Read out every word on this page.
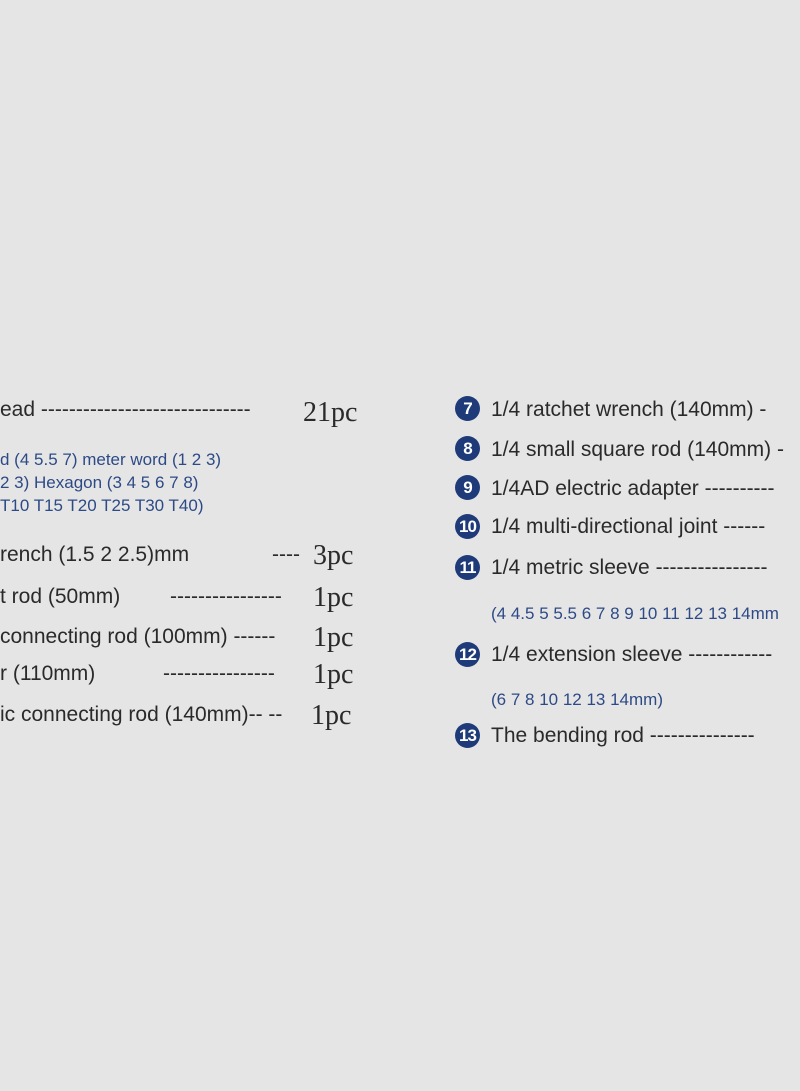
ead ------------------------------ 21pc
d (4 5.5 7) meter word (1 2 3)
2 3) Hexagon (3 4 5 6 7 8)
T10 T15 T20 T25 T30 T40)
rench (1.5 2 2.5)mm	---- 3pc
t rod (50mm) ---------------- 1pc
connecting rod (100mm) ------ 1pc
r (110mm)	---------------- 1pc
ic connecting rod (140mm)-- -- 1pc
7 1/4 ratchet wrench (140mm) -
8 1/4 small square rod (140mm) -
9 1/4AD electric adapter ----------
10 1/4 multi-directional joint ------
11 1/4 metric sleeve ----------------
(4 4.5 5 5.5 6 7 8 9 10 11 12 13 14mm
12 1/4 extension sleeve ------------
(6 7 8 10 12 13 14mm)
13 The bending rod ---------------
